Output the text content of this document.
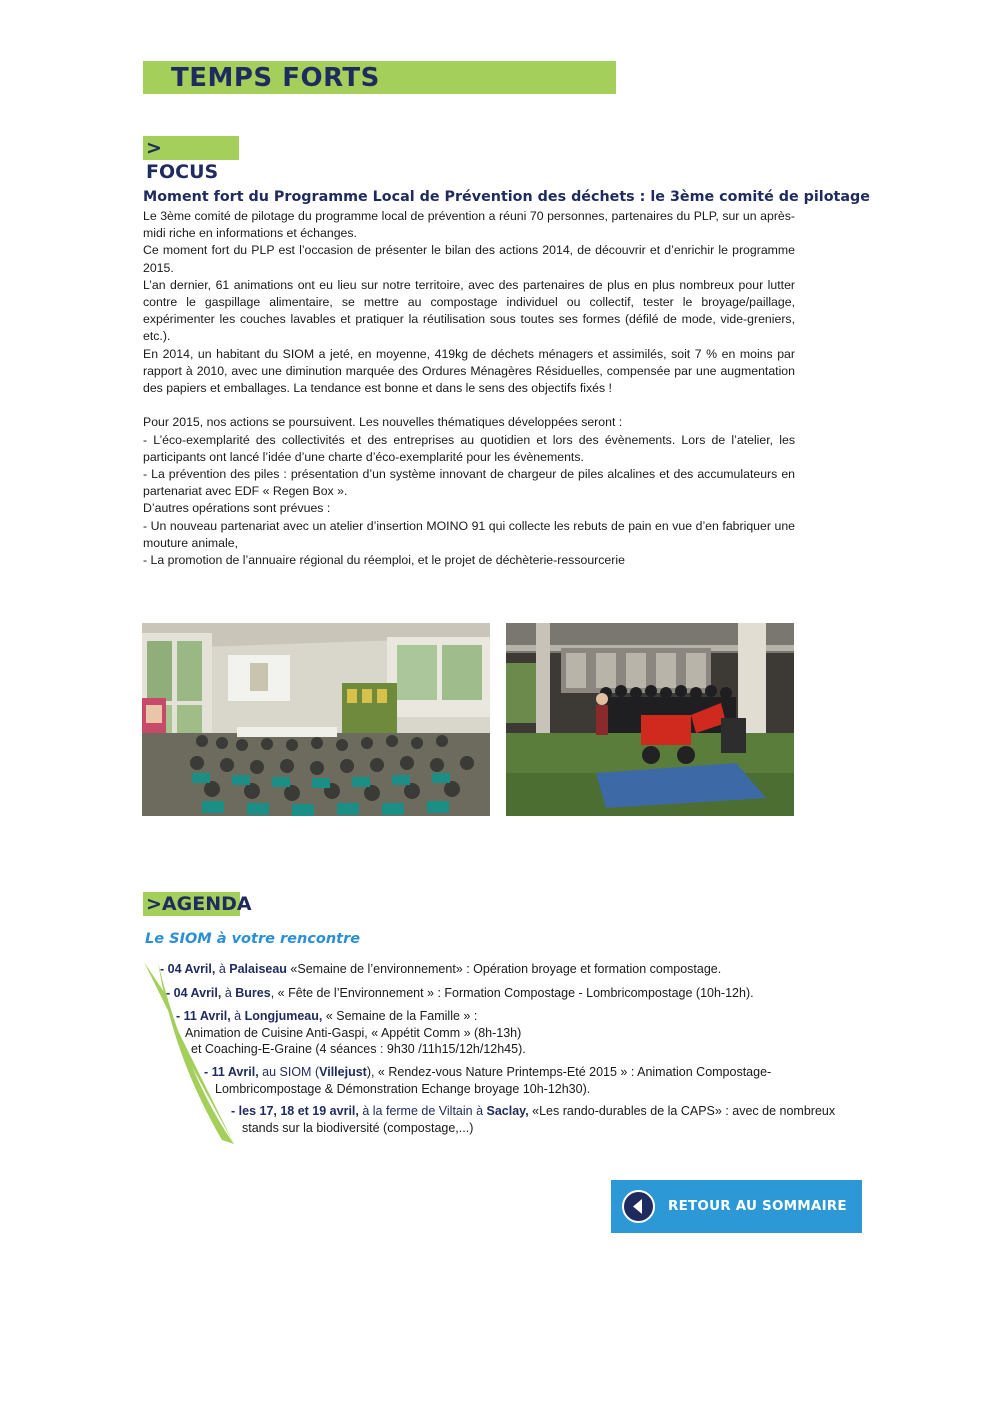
TEMPS FORTS
> FOCUS
Moment fort du Programme Local de Prévention des déchets : le 3ème comité de pilotage

Le 3ème comité de pilotage du programme local de prévention a réuni 70 personnes, partenaires du PLP, sur un après-midi riche en informations et échanges.

Ce moment fort du PLP est l’occasion de présenter le bilan des actions 2014, de découvrir et d’enrichir le programme 2015.

L’an dernier, 61 animations ont eu lieu sur notre territoire, avec des partenaires de plus en plus nombreux pour lutter contre le gaspillage alimentaire, se mettre au compostage individuel ou collectif, tester le broyage/paillage, expérimenter les couches lavables et pratiquer la réutilisation sous toutes ses formes (défilé de mode, vide-greniers, etc.).

En 2014, un habitant du SIOM a jeté, en moyenne, 419kg de déchets ménagers et assimilés, soit 7 % en moins par rapport à 2010, avec une diminution marquée des Ordures Ménagères Résiduelles, compensée par une augmentation des papiers et emballages. La tendance est bonne et dans le sens des objectifs fixés !

Pour 2015, nos actions se poursuivent. Les nouvelles thématiques développées seront :

- L’éco-exemplarité des collectivités et des entreprises au quotidien et lors des évènements. Lors de l’atelier, les participants ont lancé l’idée d’une charte d’éco-exemplarité pour les évènements.

- La prévention des piles : présentation d’un système innovant de chargeur de piles alcalines et des accumulateurs en partenariat avec EDF « Regen Box ».

D’autres opérations sont prévues :

- Un nouveau partenariat avec un atelier d’insertion MOINO 91 qui collecte les rebuts de pain en vue d’en fabriquer une mouture animale,

- La promotion de l’annuaire régional du réemploi, et le projet de déchèterie-ressourcerie

>AGENDA
Le SIOM à votre rencontre
- 04 Avril, à Palaiseau «Semaine de l’environnement» : Opération broyage et formation compostage.
- 04 Avril, à Bures, « Fête de l’Environnement » : Formation Compostage - Lombricompostage (10h-12h).
- 11 Avril, à Longjumeau, « Semaine de la Famille » :
Animation de Cuisine Anti-Gaspi, « Appétit Comm » (8h-13h)
et Coaching-E-Graine (4 séances : 9h30 /11h15/12h/12h45).
- 11 Avril, au SIOM (Villejust), « Rendez-vous Nature Printemps-Eté 2015 » : Animation Compostage-
Lombricompostage & Démonstration Echange broyage 10h-12h30).
- les 17, 18 et 19 avril, à la ferme de Viltain à Saclay, «Les rando-durables de la CAPS» : avec de nombreux
stands sur la biodiversité (compostage,...)
RETOUR AU SOMMAIRE
